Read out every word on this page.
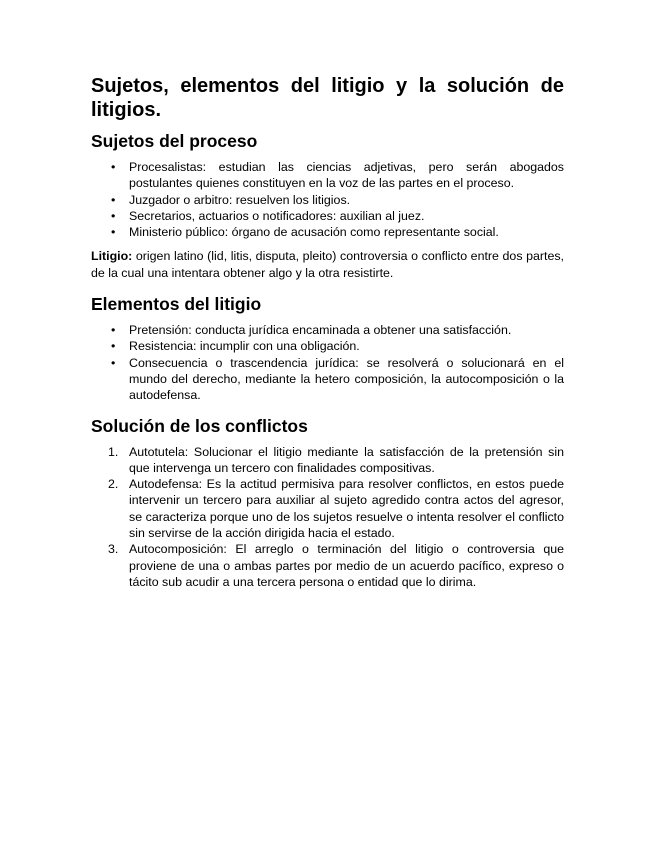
Sujetos, elementos del litigio y la solución de litigios.
Sujetos del proceso
• Procesalistas: estudian las ciencias adjetivas, pero serán abogados postulantes quienes constituyen en la voz de las partes en el proceso.
• Juzgador o arbitro: resuelven los litigios.
• Secretarios, actuarios o notificadores: auxilian al juez.
• Ministerio público: órgano de acusación como representante social.

Litigio: origen latino (lid, litis, disputa, pleito) controversia o conflicto entre dos partes, de la cual una intentara obtener algo y la otra resistirte.

Elementos del litigio
• Pretensión: conducta jurídica encaminada a obtener una satisfacción.
• Resistencia: incumplir con una obligación.
• Consecuencia o trascendencia jurídica: se resolverá o solucionará en el mundo del derecho, mediante la hetero composición, la autocomposición o la autodefensa.
Solución de los conflictos
1. Autotutela: Solucionar el litigio mediante la satisfacción de la pretensión sin que intervenga un tercero con finalidades compositivas.
2. Autodefensa: Es la actitud permisiva para resolver conflictos, en estos puede intervenir un tercero para auxiliar al sujeto agredido contra actos del agresor, se caracteriza porque uno de los sujetos resuelve o intenta resolver el conflicto sin servirse de la acción dirigida hacia el estado.
3. Autocomposición: El arreglo o terminación del litigio o controversia que proviene de una o ambas partes por medio de un acuerdo pacífico, expreso o tácito sub acudir a una tercera persona o entidad que lo dirima.
